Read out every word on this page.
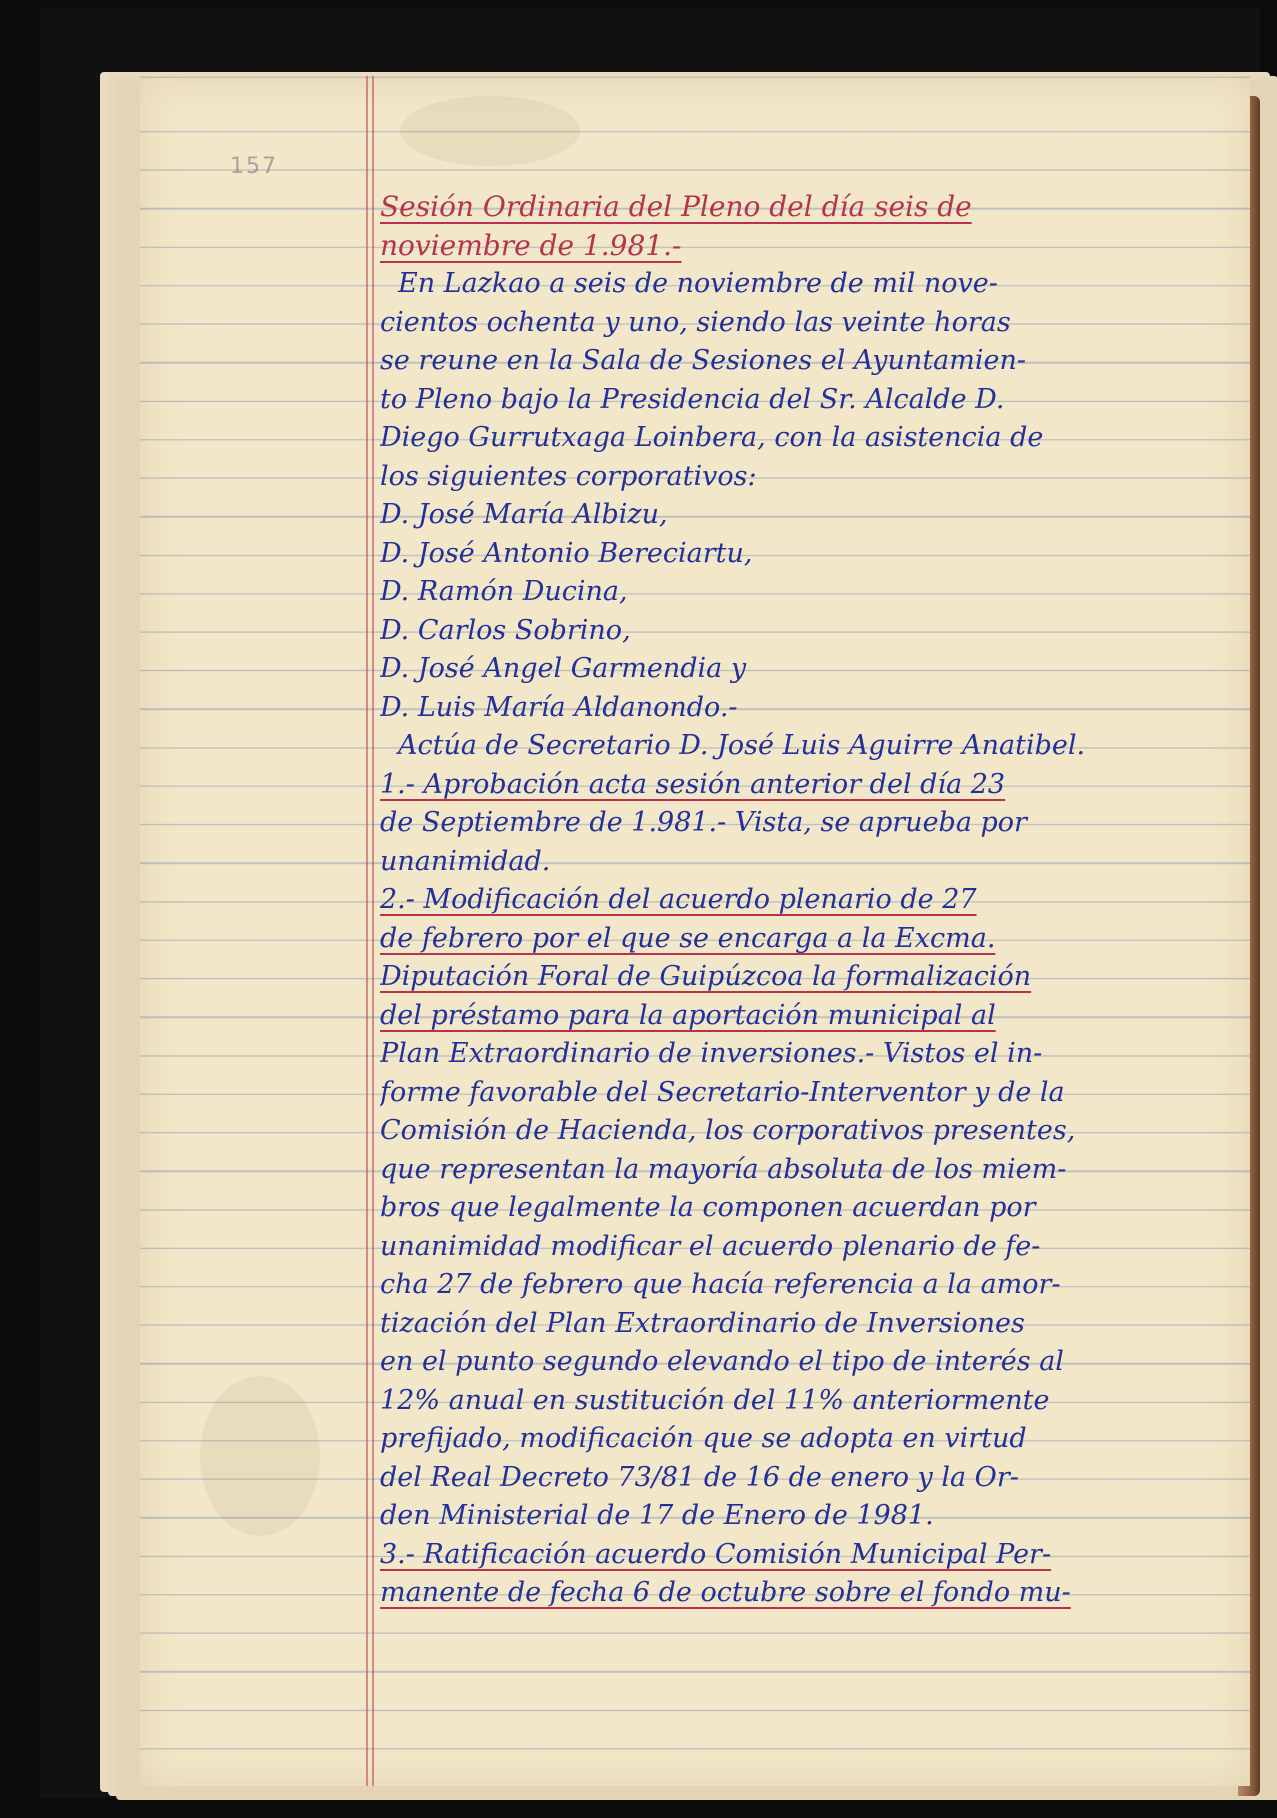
157
Sesión Ordinaria del Pleno del día seis de
noviembre de 1.981.-
En Lazkao a seis de noviembre de mil nove-
cientos ochenta y uno, siendo las veinte horas
se reune en la Sala de Sesiones el Ayuntamien-
to Pleno bajo la Presidencia del Sr. Alcalde D.
Diego Gurrutxaga Loinbera, con la asistencia de
los siguientes corporativos:
D. José María Albizu,
D. José Antonio Bereciartu,
D. Ramón Ducina,
D. Carlos Sobrino,
D. José Angel Garmendia y
D. Luis María Aldanondo.-
Actúa de Secretario D. José Luis Aguirre Anatibel.
1.- Aprobación acta sesión anterior del día 23
de Septiembre de 1.981.- Vista, se aprueba por
unanimidad.
2.- Modificación del acuerdo plenario de 27
de febrero por el que se encarga a la Excma.
Diputación Foral de Guipúzcoa la formalización
del préstamo para la aportación municipal al
Plan Extraordinario de inversiones.- Vistos el in-
forme favorable del Secretario-Interventor y de la
Comisión de Hacienda, los corporativos presentes,
que representan la mayoría absoluta de los miem-
bros que legalmente la componen acuerdan por
unanimidad modificar el acuerdo plenario de fe-
cha 27 de febrero que hacía referencia a la amor-
tización del Plan Extraordinario de Inversiones
en el punto segundo elevando el tipo de interés al
12% anual en sustitución del 11% anteriormente
prefijado, modificación que se adopta en virtud
del Real Decreto 73/81 de 16 de enero y la Or-
den Ministerial de 17 de Enero de 1981.
3.- Ratificación acuerdo Comisión Municipal Per-
manente de fecha 6 de octubre sobre el fondo mu-
